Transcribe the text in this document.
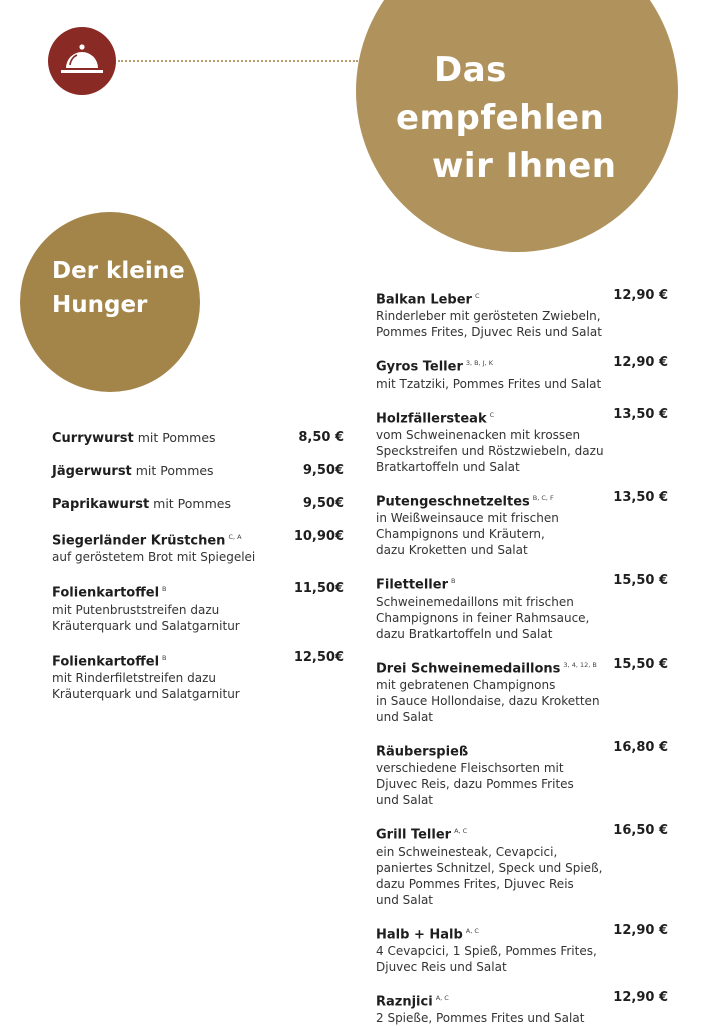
Das
empfehlen
wir Ihnen
Der kleine
Hunger
Currywurst mit Pommes	8,50 €
Jägerwurst mit Pommes	9,50€
Paprikawurst mit Pommes	9,50€
Siegerländer Krüstchen $^{C, A}$	10,90€
auf geröstetem Brot mit Spiegelei
Folienkartoffel $^B$	11,50€
mit Putenbruststreifen dazu
Kräuterquark und Salatgarnitur
Folienkartoffel $^B$	12,50€
mit Rinderfiletstreifen dazu
Kräuterquark und Salatgarnitur
Balkan Leber $^C$	12,90 €
Rinderleber mit gerösteten Zwiebeln,
Pommes Frites, Djuvec Reis und Salat
Gyros Teller $^{3, B, J, K}$	12,90 €
mit Tzatziki, Pommes Frites und Salat
Holzfällersteak $^C$	13,50 €
vom Schweinenacken mit krossen
Speckstreifen und Röstzwiebeln, dazu
Bratkartoffeln und Salat
Putengeschnetzeltes $^{B, C, F}$	13,50 €
in Weißweinsauce mit frischen
Champignons und Kräutern,
dazu Kroketten und Salat
Filetteller $^B$	15,50 €
Schweinemedaillons mit frischen
Champignons in feiner Rahmsauce,
dazu Bratkartoffeln und Salat
Drei Schweinemedaillons $^{3, 4, 12, B}$ 15,50 €
mit gebratenen Champignons
in Sauce Hollondaise, dazu Kroketten
und Salat
Räuberspieß	16,80 €
verschiedene Fleischsorten mit
Djuvec Reis, dazu Pommes Frites
und Salat
Grill Teller $^{A, C}$	16,50 €
ein Schweinesteak, Cevapcici,
paniertes Schnitzel, Speck und Spieß,
dazu Pommes Frites, Djuvec Reis
und Salat
Halb + Halb $^{A, C}$	12,90 €
4 Cevapcici, 1 Spieß, Pommes Frites,
Djuvec Reis und Salat
Raznjici $^{A, C}$	12,90 €
2 Spieße, Pommes Frites und Salat
